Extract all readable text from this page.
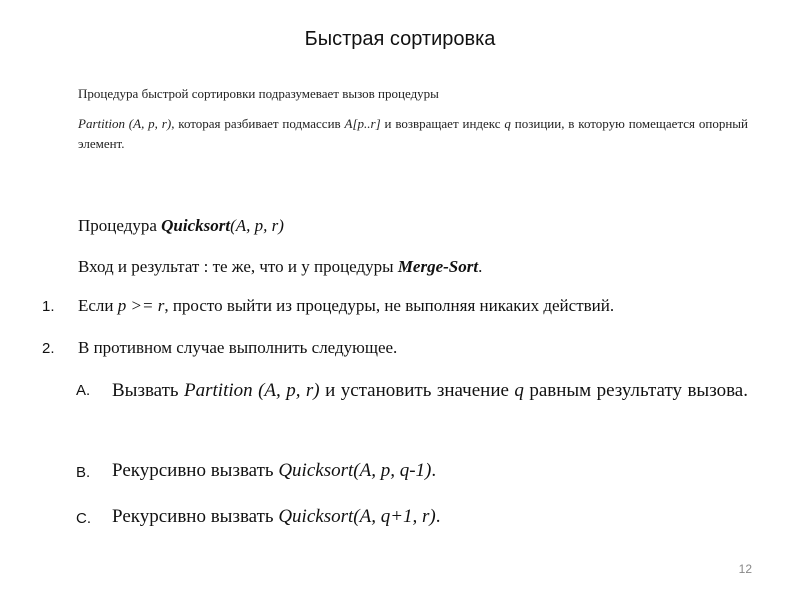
Быстрая сортировка
Процедура быстрой сортировки подразумевает вызов процедуры
Partition (A, p, r), которая разбивает подмассив A[p..r] и возвращает индекс q позиции, в которую помещается опорный элемент.
Процедура Quicksort(A, p, r)
Вход и результат : те же, что и у процедуры Merge-Sort.
1. Если p >= r, просто выйти из процедуры, не выполняя никаких действий.
2. В противном случае выполнить следующее.
A. Вызвать Partition (A, p, r) и установить значение q равным результату вызова.
B. Рекурсивно вызвать Quicksort(A, p, q-1).
C. Рекурсивно вызвать Quicksort(A, q+1, r).
12
